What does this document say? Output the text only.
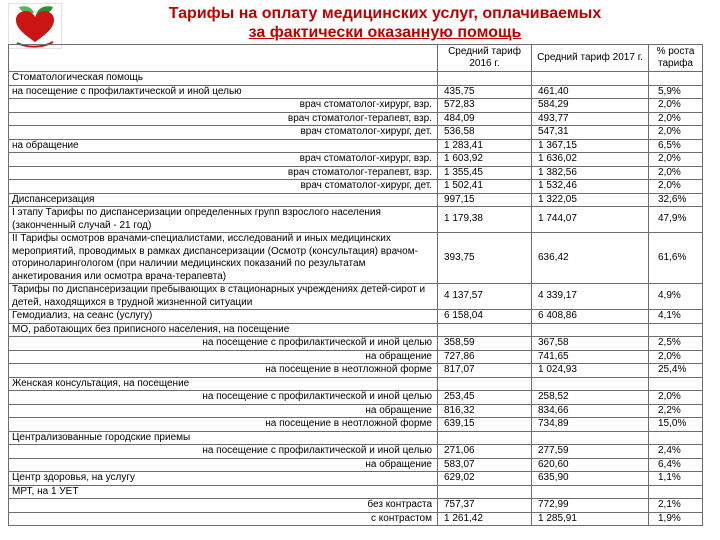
Тарифы на оплату медицинских услуг, оплачиваемых
за фактически оказанную помощь
	Средний тариф 2016 г.	Средний тариф 2017 г.	% роста тарифа
Стоматологическая помощь			
на посещение с профилактической и иной целью	435,75	461,40	5,9%
врач стоматолог-хирург, взр.	572,83	584,29	2,0%
врач стоматолог-терапевт, взр.	484,09	493,77	2,0%
врач стоматолог-хирург, дет.	536,58	547,31	2,0%
на обращение	1 283,41	1 367,15	6,5%
врач стоматолог-хирург, взр.	1 603,92	1 636,02	2,0%
врач стоматолог-терапевт, взр.	1 355,45	1 382,56	2,0%
врач стоматолог-хирург, дет.	1 502,41	1 532,46	2,0%
Диспансеризация	997,15	1 322,05	32,6%
I этапу Тарифы по диспансеризации определенных групп взрослого населения (законченный случай - 21 год)	1 179,38	1 744,07	47,9%
II Тарифы осмотров врачами-специалистами, исследований и иных медицинских мероприятий, проводимых в рамках диспансеризации (Осмотр (консультация) врачом-оториноларингологом (при наличии медицинских показаний по результатам анкетирования или осмотра врача-терапевта)	393,75	636,42	61,6%
Тарифы по диспансеризации пребывающих в стационарных учреждениях детей-сирот и детей, находящихся в трудной жизненной ситуации	4 137,57	4 339,17	4,9%
Гемодиализ, на сеанс (услугу)	6 158,04	6 408,86	4,1%
МО, работающих без приписного населения, на посещение			
на посещение с профилактической и иной целью	358,59	367,58	2,5%
на обращение	727,86	741,65	2,0%
на посещение в неотложной форме	817,07	1 024,93	25,4%
Женская консультация, на посещение			
на посещение с профилактической и иной целью	253,45	258,52	2,0%
на обращение	816,32	834,66	2,2%
на посещение в неотложной форме	639,15	734,89	15,0%
Централизованные городские приемы			
на посещение с профилактической и иной целью	271,06	277,59	2,4%
на обращение	583,07	620,60	6,4%
Центр здоровья, на услугу	629,02	635,90	1,1%
МРТ, на 1 УЕТ			
без контраста	757,37	772,99	2,1%
с контрастом	1 261,42	1 285,91	1,9%
